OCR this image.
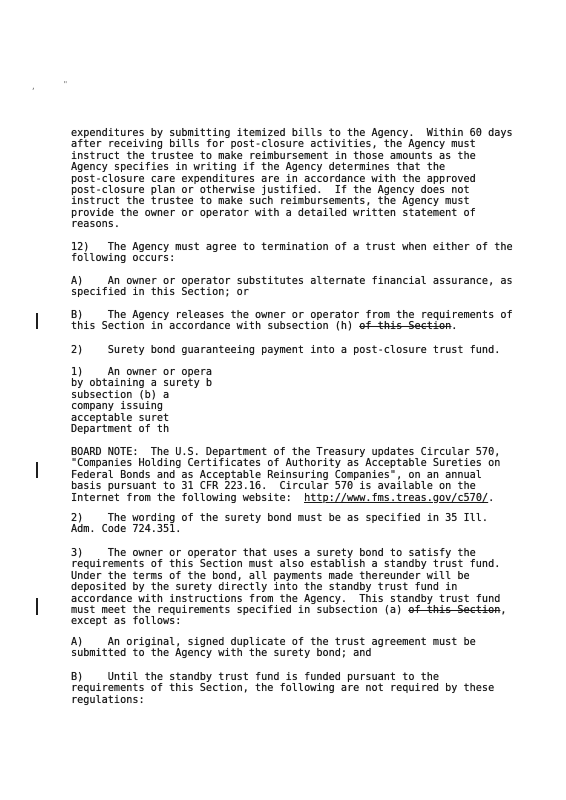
,	"

expenditures by submitting itemized bills to the Agency.  Within 60 days
after receiving bills for post-closure activities, the Agency must
instruct the trustee to make reimbursement in those amounts as the
Agency specifies in writing if the Agency determines that the
post-closure care expenditures are in accordance with the approved
post-closure plan or otherwise justified.  If the Agency does not
instruct the trustee to make such reimbursements, the Agency must
provide the owner or operator with a detailed written statement of
reasons.

12)   The Agency must agree to termination of a trust when either of the
following occurs:

A)    An owner or operator substitutes alternate financial assurance, as
specified in this Section; or

B)    The Agency releases the owner or operator from the requirements of
this Section in accordance with subsection (h) of this Section.

2)    Surety bond guaranteeing payment into a post-closure trust fund.

1)    An owner or opera
by obtaining a surety b
subsection (b) a
company issuing
acceptable suret
Department of th

BOARD NOTE:  The U.S. Department of the Treasury updates Circular 570,
"Companies Holding Certificates of Authority as Acceptable Sureties on
Federal Bonds and as Acceptable Reinsuring Companies", on an annual
basis pursuant to 31 CFR 223.16.  Circular 570 is available on the
Internet from the following website:  http://www.fms.treas.gov/c570/.

2)    The wording of the surety bond must be as specified in 35 Ill.
Adm. Code 724.351.

3)    The owner or operator that uses a surety bond to satisfy the
requirements of this Section must also establish a standby trust fund.
Under the terms of the bond, all payments made thereunder will be
deposited by the surety directly into the standby trust fund in
accordance with instructions from the Agency.  This standby trust fund
must meet the requirements specified in subsection (a) of this Section,
except as follows:

A)    An original, signed duplicate of the trust agreement must be
submitted to the Agency with the surety bond; and

B)    Until the standby trust fund is funded pursuant to the
requirements of this Section, the following are not required by these
regulations:
